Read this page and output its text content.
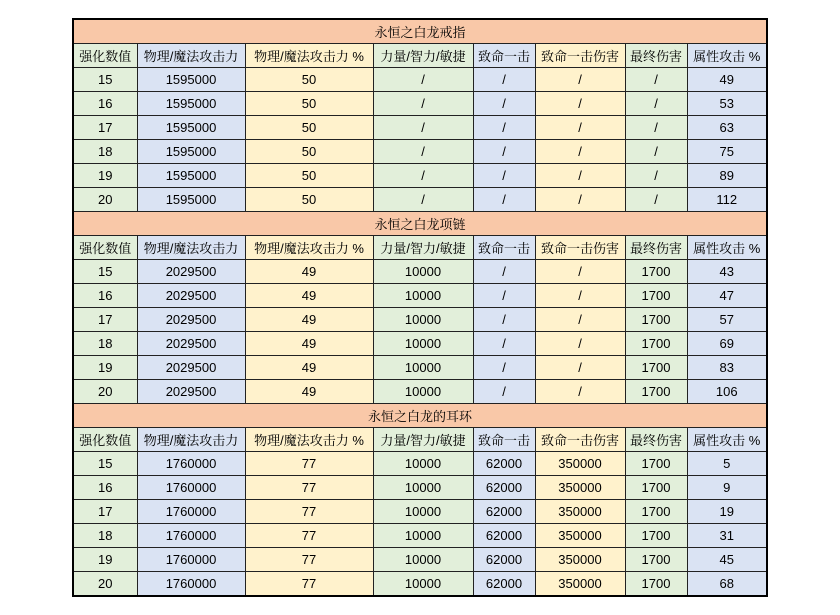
永恒之白龙戒指							
强化数值	物理/魔法攻击力	物理/魔法攻击力 %	力量/智力/敏捷	致命一击	致命一击伤害	最终伤害	属性攻击 %
15	1595000	50	/	/	/	/	49
16	1595000	50	/	/	/	/	53
17	1595000	50	/	/	/	/	63
18	1595000	50	/	/	/	/	75
19	1595000	50	/	/	/	/	89
20	1595000	50	/	/	/	/	112
永恒之白龙项链							
强化数值	物理/魔法攻击力	物理/魔法攻击力 %	力量/智力/敏捷	致命一击	致命一击伤害	最终伤害	属性攻击 %
15	2029500	49	10000	/	/	1700	43
16	2029500	49	10000	/	/	1700	47
17	2029500	49	10000	/	/	1700	57
18	2029500	49	10000	/	/	1700	69
19	2029500	49	10000	/	/	1700	83
20	2029500	49	10000	/	/	1700	106
永恒之白龙的耳环							
强化数值	物理/魔法攻击力	物理/魔法攻击力 %	力量/智力/敏捷	致命一击	致命一击伤害	最终伤害	属性攻击 %
15	1760000	77	10000	62000	350000	1700	5
16	1760000	77	10000	62000	350000	1700	9
17	1760000	77	10000	62000	350000	1700	19
18	1760000	77	10000	62000	350000	1700	31
19	1760000	77	10000	62000	350000	1700	45
20	1760000	77	10000	62000	350000	1700	68
